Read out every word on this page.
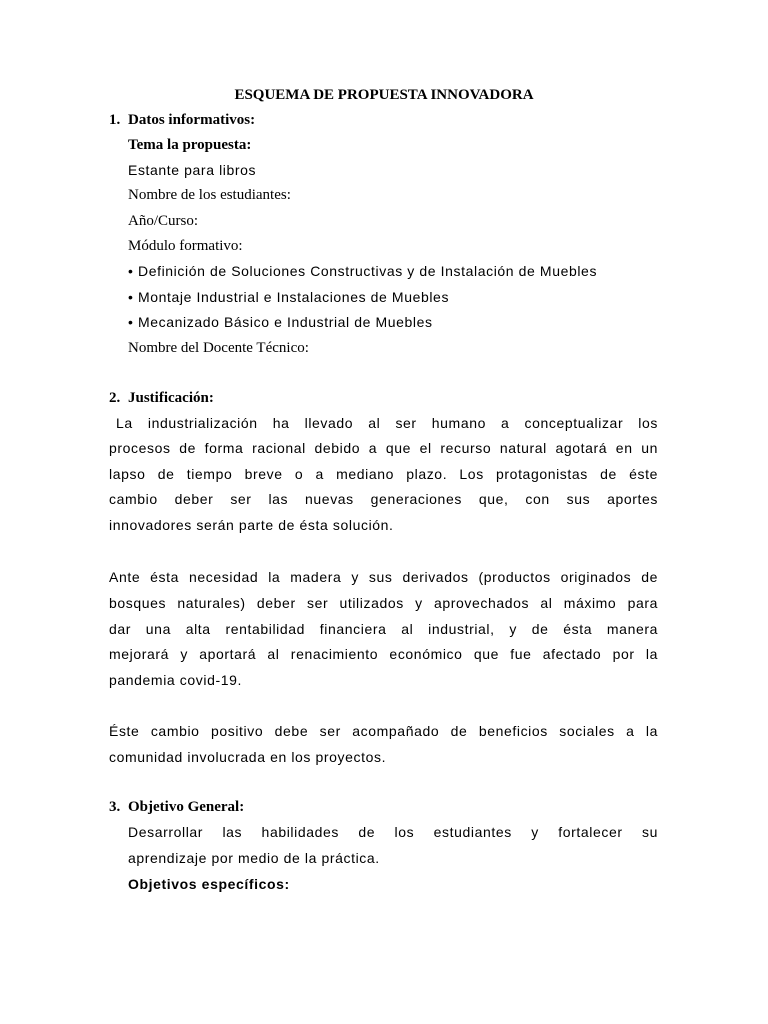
ESQUEMA DE PROPUESTA INNOVADORA
1. Datos informativos:
Tema la propuesta:
Estante para libros
Nombre de los estudiantes:
Año/Curso:
Módulo formativo:
• Definición de Soluciones Constructivas y de Instalación de Muebles
• Montaje Industrial e Instalaciones de Muebles
• Mecanizado Básico e Industrial de Muebles
Nombre del Docente Técnico:
2. Justificación:
La industrialización ha llevado al ser humano a conceptualizar los
procesos de forma racional debido a que el recurso natural agotará en un
lapso de tiempo breve o a mediano plazo. Los protagonistas de éste
cambio deber ser las nuevas generaciones que, con sus aportes
innovadores serán parte de ésta solución.
Ante ésta necesidad la madera y sus derivados (productos originados de
bosques naturales) deber ser utilizados y aprovechados al máximo para
dar una alta rentabilidad financiera al industrial, y de ésta manera
mejorará y aportará al renacimiento económico que fue afectado por la
pandemia covid-19.
Éste cambio positivo debe ser acompañado de beneficios sociales a la
comunidad involucrada en los proyectos.
3. Objetivo General:
Desarrollar las habilidades de los estudiantes y fortalecer su
aprendizaje por medio de la práctica.
Objetivos específicos:
